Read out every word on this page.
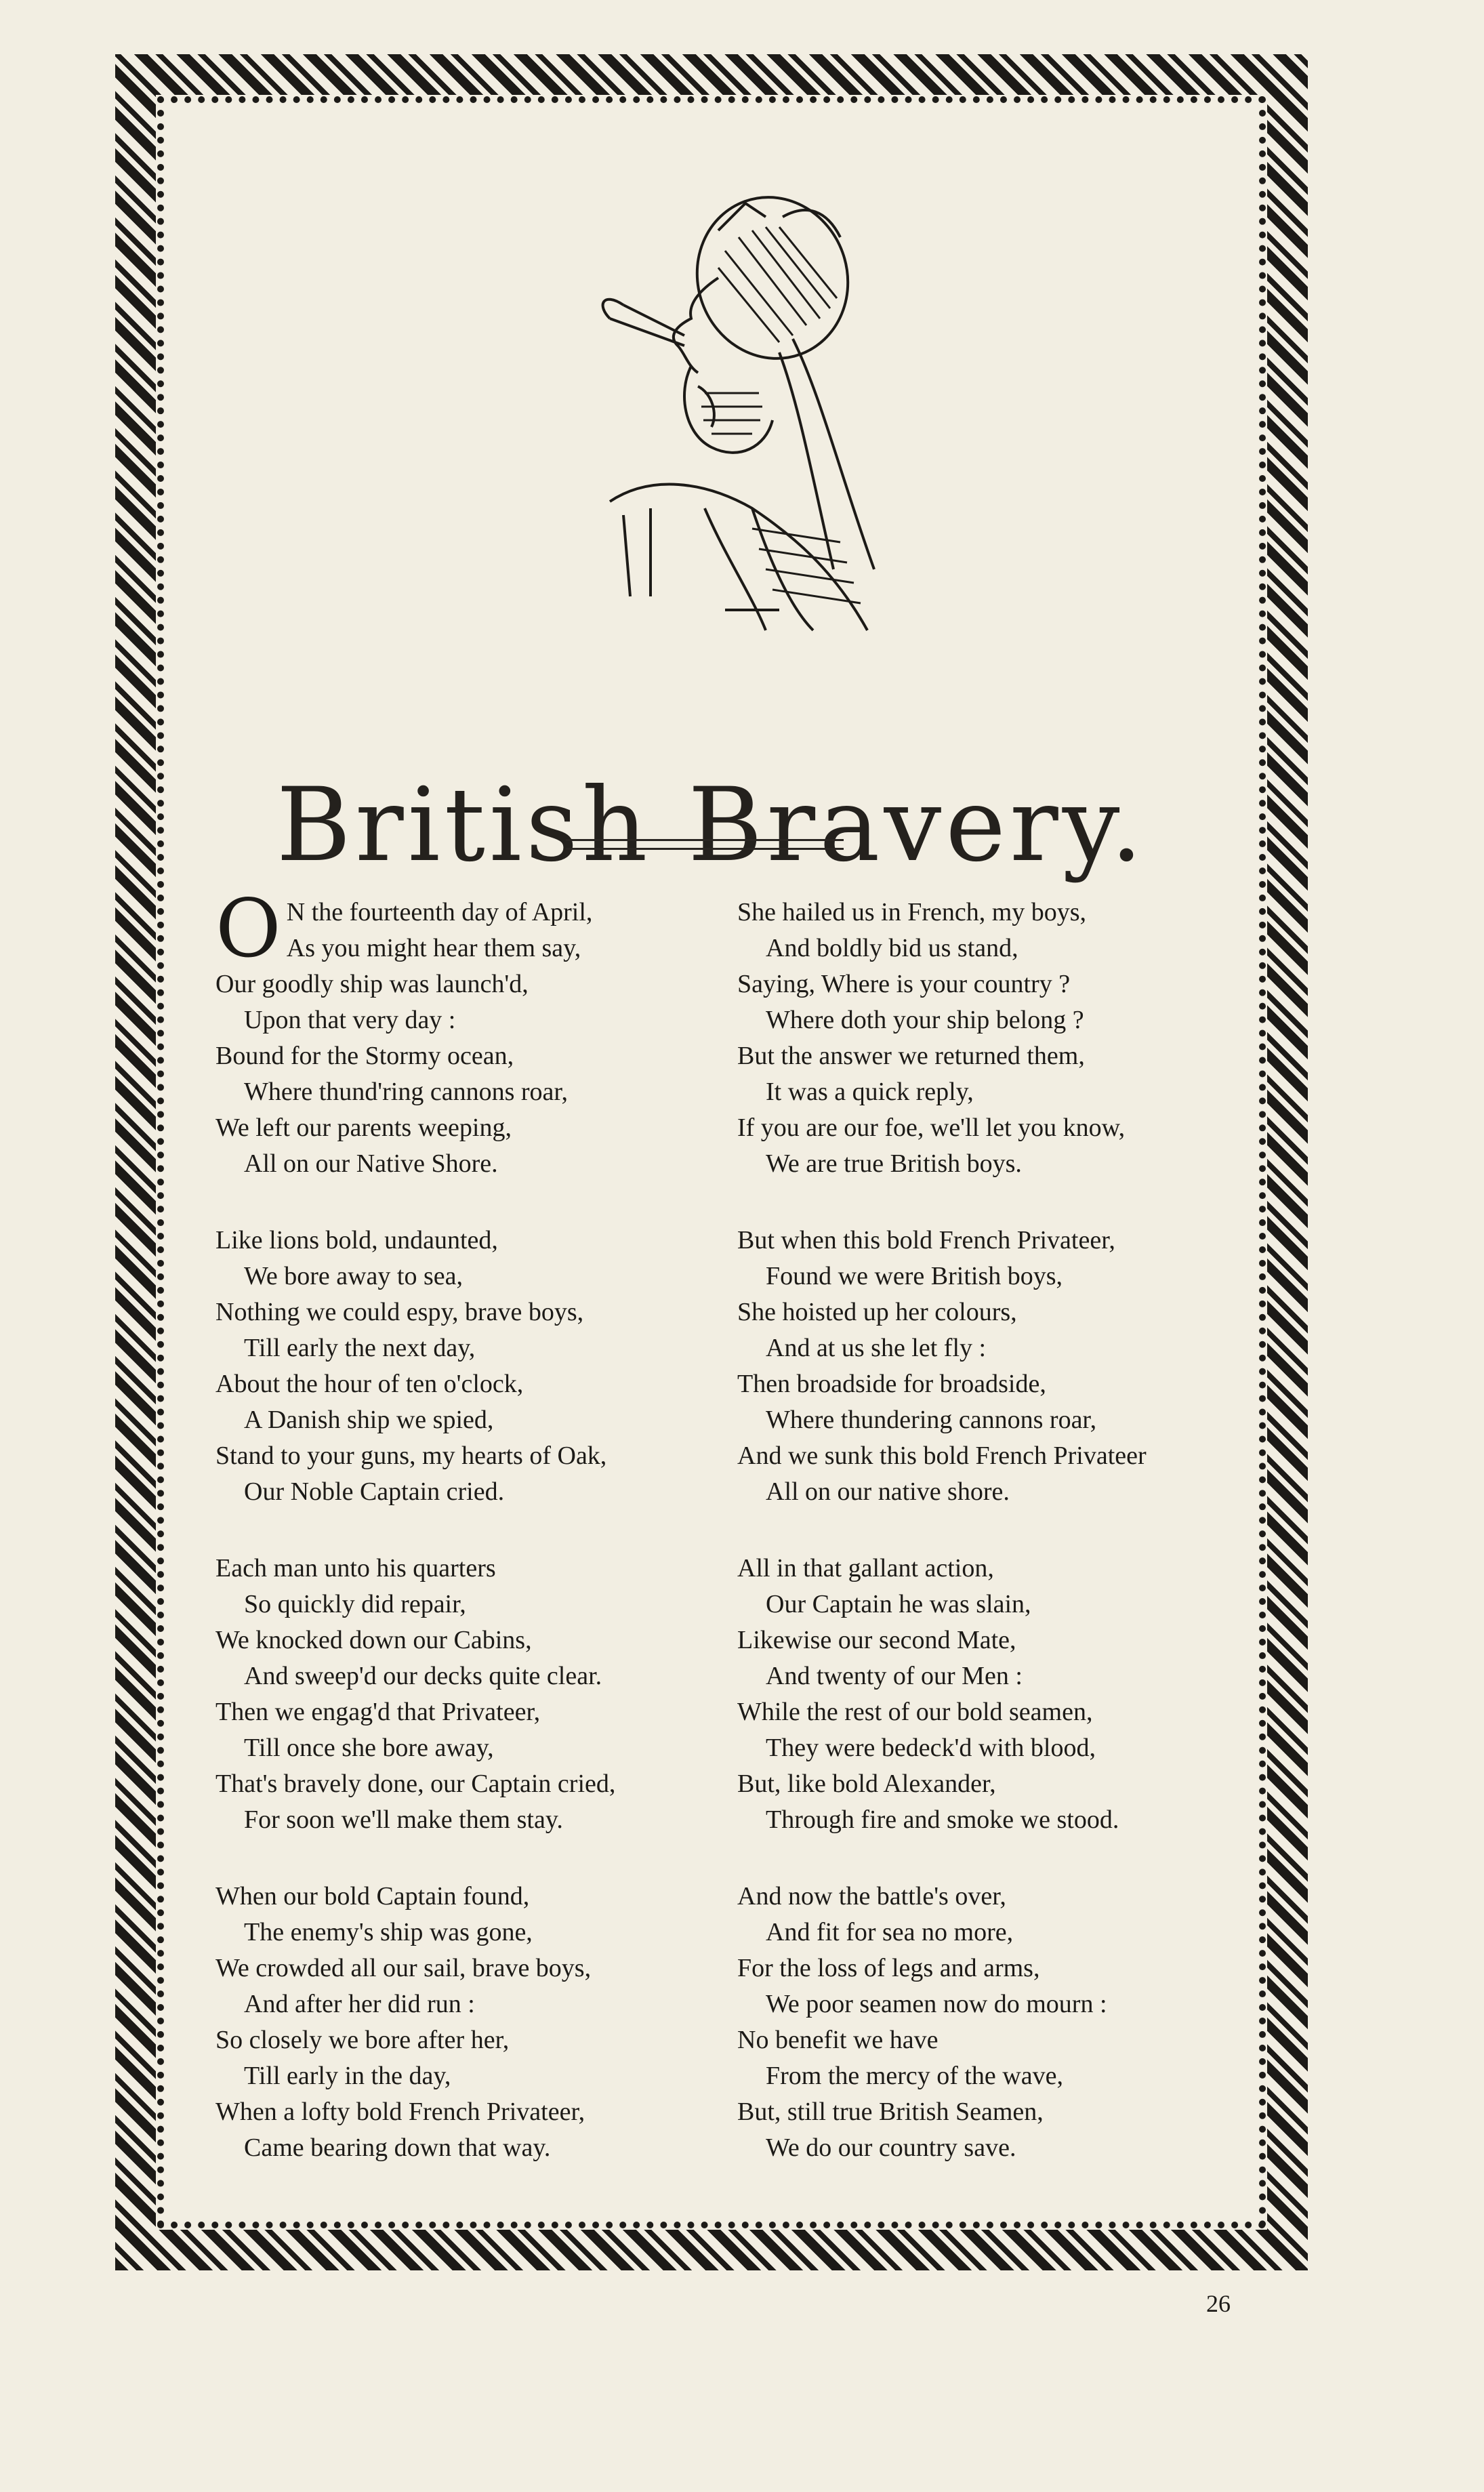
British Bravery.
O N the fourteenth day of April,
As you might hear them say,
Our goodly ship was launch'd,
Upon that very day :
Bound for the Stormy ocean,
Where thund'ring cannons roar,
We left our parents weeping,
All on our Native Shore.
Like lions bold, undaunted,
We bore away to sea,
Nothing we could espy, brave boys,
Till early the next day,
About the hour of ten o'clock,
A Danish ship we spied,
Stand to your guns, my hearts of Oak,
Our Noble Captain cried.
Each man unto his quarters
So quickly did repair,
We knocked down our Cabins,
And sweep'd our decks quite clear.
Then we engag'd that Privateer,
Till once she bore away,
That's bravely done, our Captain cried,
For soon we'll make them stay.
When our bold Captain found,
The enemy's ship was gone,
We crowded all our sail, brave boys,
And after her did run :
So closely we bore after her,
Till early in the day,
When a lofty bold French Privateer,
Came bearing down that way.
She hailed us in French, my boys,
And boldly bid us stand,
Saying, Where is your country ?
Where doth your ship belong ?
But the answer we returned them,
It was a quick reply,
If you are our foe, we'll let you know,
We are true British boys.
But when this bold French Privateer,
Found we were British boys,
She hoisted up her colours,
And at us she let fly :
Then broadside for broadside,
Where thundering cannons roar,
And we sunk this bold French Privateer
All on our native shore.
All in that gallant action,
Our Captain he was slain,
Likewise our second Mate,
And twenty of our Men :
While the rest of our bold seamen,
They were bedeck'd with blood,
But, like bold Alexander,
Through fire and smoke we stood.
And now the battle's over,
And fit for sea no more,
For the loss of legs and arms,
We poor seamen now do mourn :
No benefit we have
From the mercy of the wave,
But, still true British Seamen,
We do our country save.
26
